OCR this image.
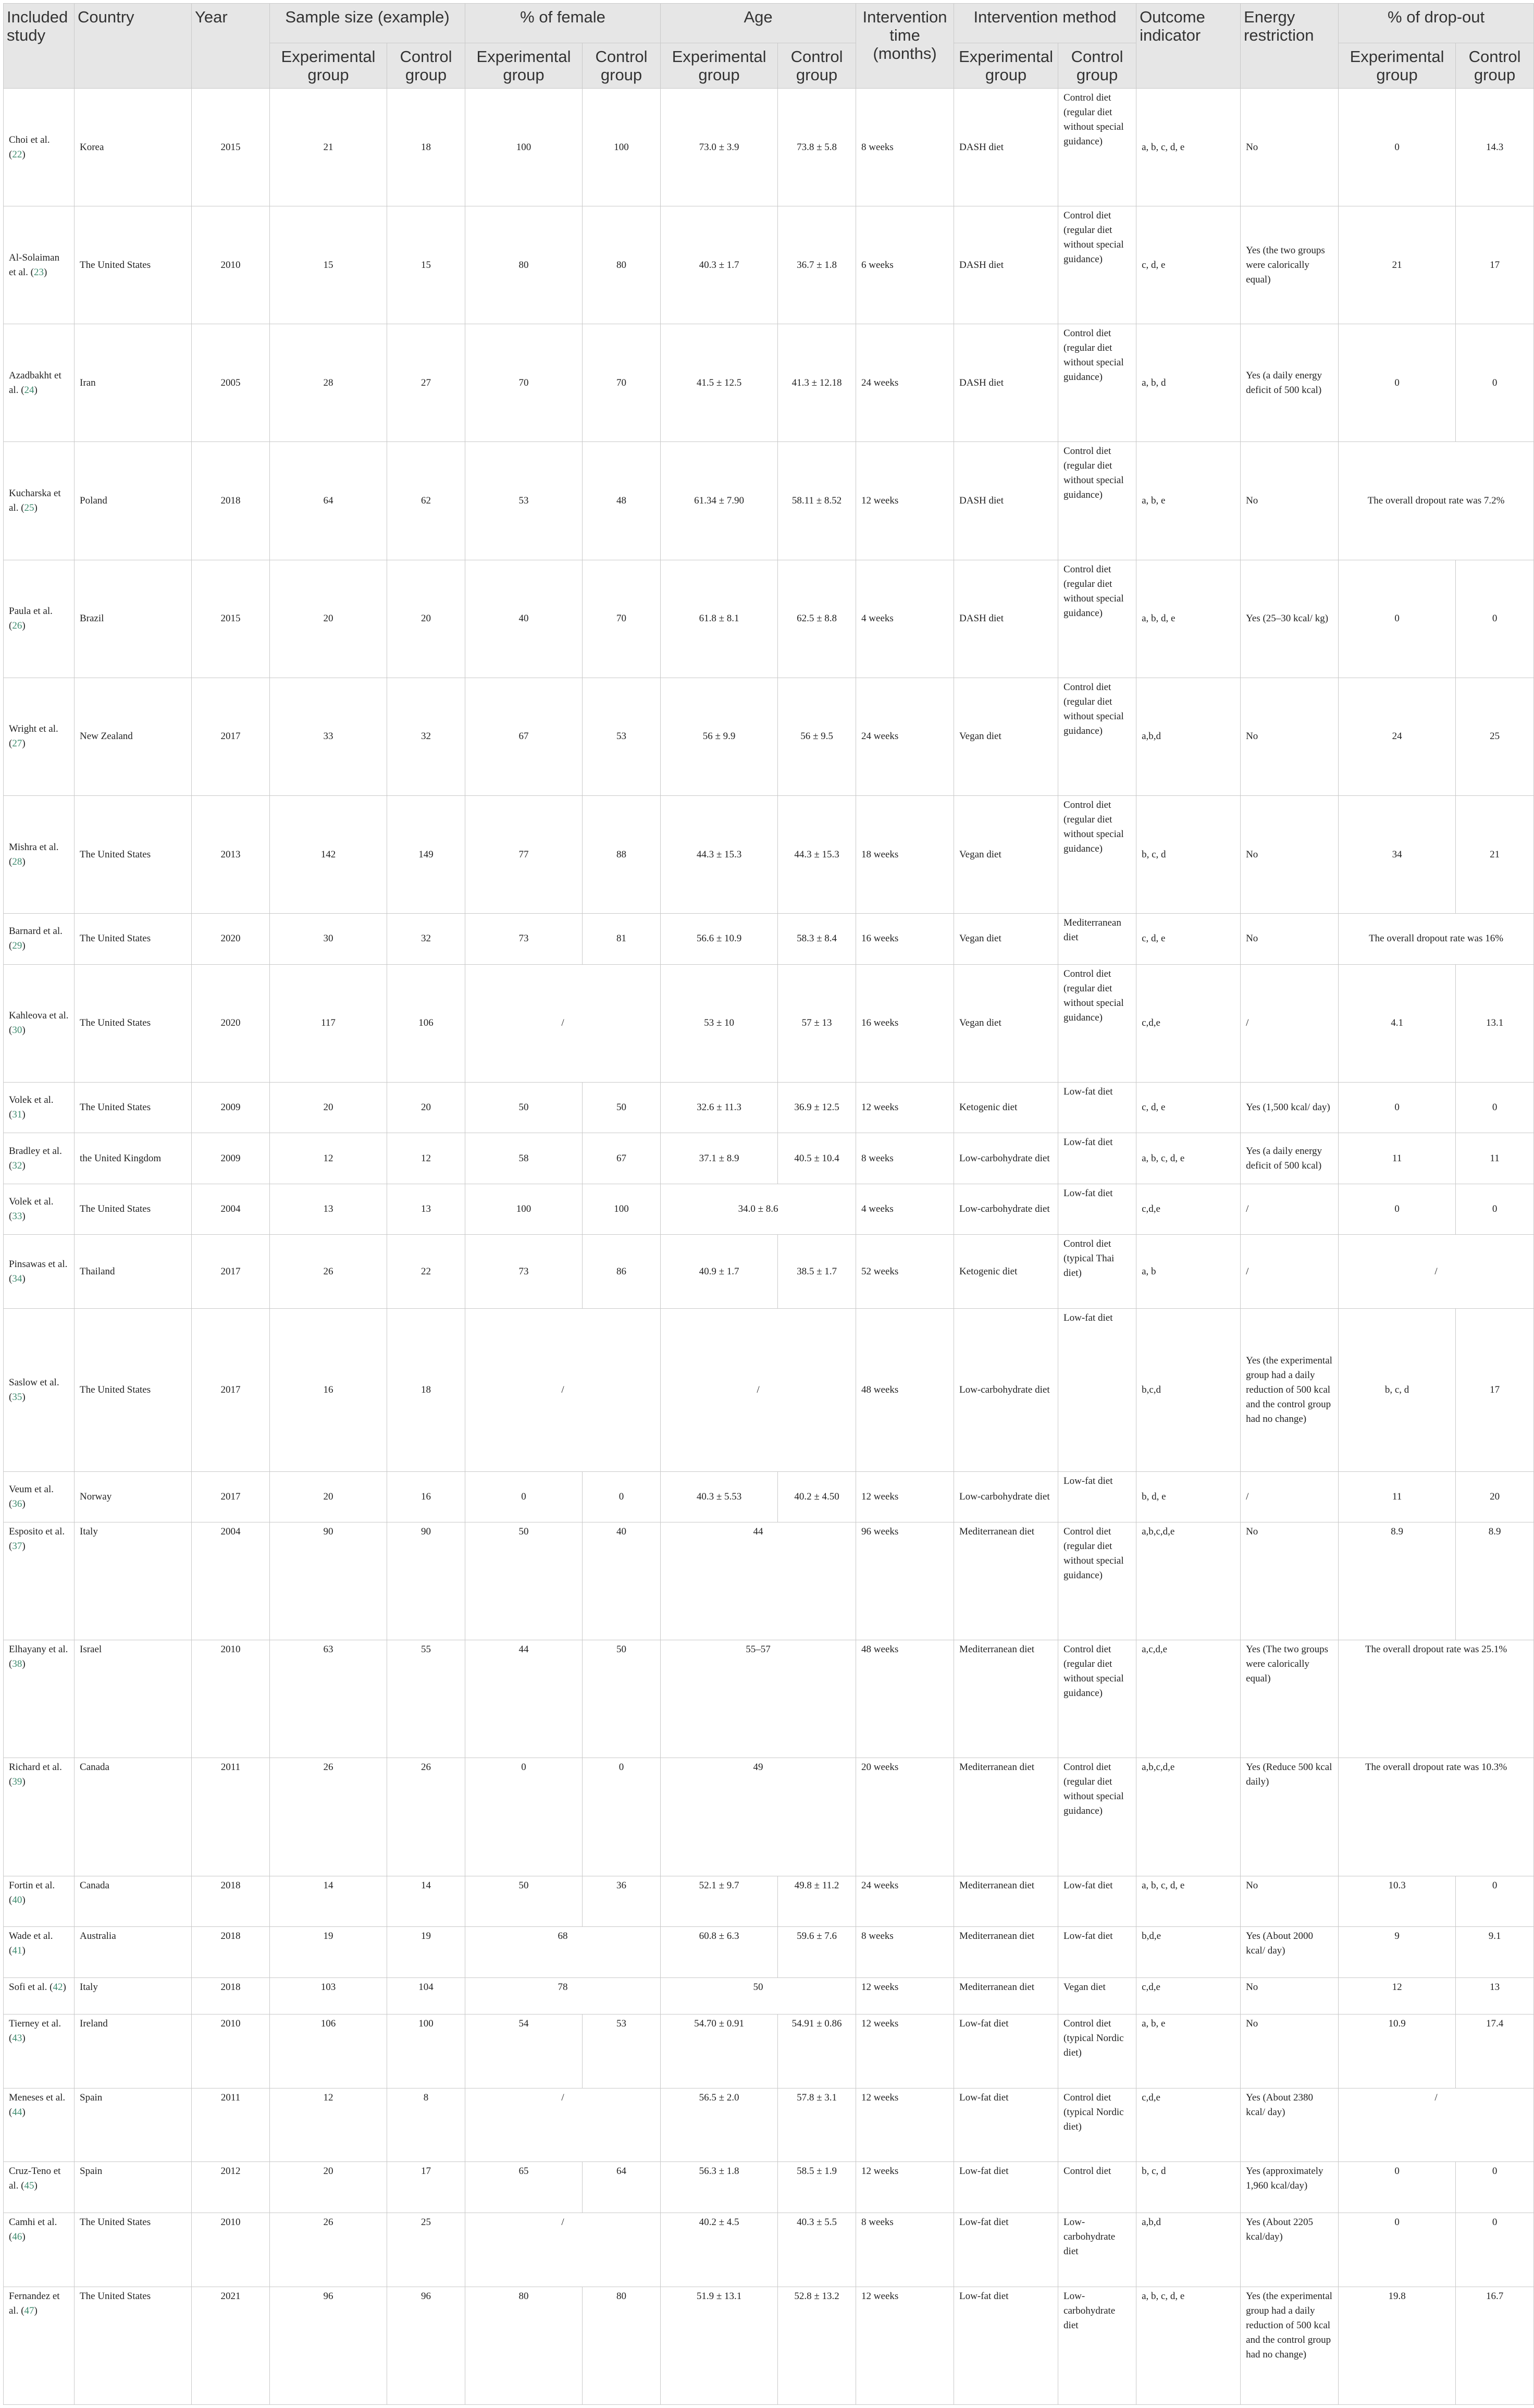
Included study	Country	Year	Sample size (example)		% of female		Age		Intervention time (months)	Intervention method		Outcome indicator	Energy restriction	% of drop-out	
			Experimental group	Control group	Experimental group	Control group	Experimental group	Control group		Experimental group	Control group			Experimental group	Control group
Choi et al. (22)	Korea	2015	21	18	100	100	73.0 ± 3.9	73.8 ± 5.8	8 weeks	DASH diet	Control diet (regular diet without special guidance)	a, b, c, d, e	No	0	14.3
Al-Solaiman et al. (23)	The United States	2010	15	15	80	80	40.3 ± 1.7	36.7 ± 1.8	6 weeks	DASH diet	Control diet (regular diet without special guidance)	c, d, e	Yes (the two groups were calorically equal)	21	17
Azadbakht et al. (24)	Iran	2005	28	27	70	70	41.5 ± 12.5	41.3 ± 12.18	24 weeks	DASH diet	Control diet (regular diet without special guidance)	a, b, d	Yes (a daily energy deficit of 500 kcal)	0	0
Kucharska et al. (25)	Poland	2018	64	62	53	48	61.34 ± 7.90	58.11 ± 8.52	12 weeks	DASH diet	Control diet (regular diet without special guidance)	a, b, e	No	The overall dropout rate was 7.2%	
Paula et al. (26)	Brazil	2015	20	20	40	70	61.8 ± 8.1	62.5 ± 8.8	4 weeks	DASH diet	Control diet (regular diet without special guidance)	a, b, d, e	Yes (25–30 kcal/ kg)	0	0
Wright et al. (27)	New Zealand	2017	33	32	67	53	56 ± 9.9	56 ± 9.5	24 weeks	Vegan diet	Control diet (regular diet without special guidance)	a,b,d	No	24	25
Mishra et al. (28)	The United States	2013	142	149	77	88	44.3 ± 15.3	44.3 ± 15.3	18 weeks	Vegan diet	Control diet (regular diet without special guidance)	b, c, d	No	34	21
Barnard et al. (29)	The United States	2020	30	32	73	81	56.6 ± 10.9	58.3 ± 8.4	16 weeks	Vegan diet	Mediterranean diet	c, d, e	No	The overall dropout rate was 16%	
Kahleova et al. (30)	The United States	2020	117	106	/		53 ± 10	57 ± 13	16 weeks	Vegan diet	Control diet (regular diet without special guidance)	c,d,e	/	4.1	13.1
Volek et al. (31)	The United States	2009	20	20	50	50	32.6 ± 11.3	36.9 ± 12.5	12 weeks	Ketogenic diet	Low-fat diet	c, d, e	Yes (1,500 kcal/ day)	0	0
Bradley et al. (32)	the United Kingdom	2009	12	12	58	67	37.1 ± 8.9	40.5 ± 10.4	8 weeks	Low-carbohydrate diet	Low-fat diet	a, b, c, d, e	Yes (a daily energy deficit of 500 kcal)	11	11
Volek et al. (33)	The United States	2004	13	13	100	100	34.0 ± 8.6		4 weeks	Low-carbohydrate diet	Low-fat diet	c,d,e	/	0	0
Pinsawas et al. (34)	Thailand	2017	26	22	73	86	40.9 ± 1.7	38.5 ± 1.7	52 weeks	Ketogenic diet	Control diet (typical Thai diet)	a, b	/	/	
Saslow et al. (35)	The United States	2017	16	18	/		/		48 weeks	Low-carbohydrate diet	Low-fat diet	b,c,d	Yes (the experimental group had a daily reduction of 500 kcal and the control group had no change)	b, c, d	17
Veum et al. (36)	Norway	2017	20	16	0	0	40.3 ± 5.53	40.2 ± 4.50	12 weeks	Low-carbohydrate diet	Low-fat diet	b, d, e	/	11	20
Esposito et al. (37)	Italy	2004	90	90	50	40	44		96 weeks	Mediterranean diet	Control diet (regular diet without special guidance)	a,b,c,d,e	No	8.9	8.9
Elhayany et al. (38)	Israel	2010	63	55	44	50	55–57		48 weeks	Mediterranean diet	Control diet (regular diet without special guidance)	a,c,d,e	Yes (The two groups were calorically equal)	The overall dropout rate was 25.1%	
Richard et al. (39)	Canada	2011	26	26	0	0	49		20 weeks	Mediterranean diet	Control diet (regular diet without special guidance)	a,b,c,d,e	Yes (Reduce 500 kcal daily)	The overall dropout rate was 10.3%	
Fortin et al. (40)	Canada	2018	14	14	50	36	52.1 ± 9.7	49.8 ± 11.2	24 weeks	Mediterranean diet	Low-fat diet	a, b, c, d, e	No	10.3	0
Wade et al. (41)	Australia	2018	19	19	68		60.8 ± 6.3	59.6 ± 7.6	8 weeks	Mediterranean diet	Low-fat diet	b,d,e	Yes (About 2000 kcal/ day)	9	9.1
Sofi et al. (42)	Italy	2018	103	104	78		50		12 weeks	Mediterranean diet	Vegan diet	c,d,e	No	12	13
Tierney et al. (43)	Ireland	2010	106	100	54	53	54.70 ± 0.91	54.91 ± 0.86	12 weeks	Low-fat diet	Control diet (typical Nordic diet)	a, b, e	No	10.9	17.4
Meneses et al. (44)	Spain	2011	12	8	/		56.5 ± 2.0	57.8 ± 3.1	12 weeks	Low-fat diet	Control diet (typical Nordic diet)	c,d,e	Yes (About 2380 kcal/ day)	/	
Cruz-Teno et al. (45)	Spain	2012	20	17	65	64	56.3 ± 1.8	58.5 ± 1.9	12 weeks	Low-fat diet	Control diet	b, c, d	Yes (approximately 1,960 kcal/day)	0	0
Camhi et al. (46)	The United States	2010	26	25	/		40.2 ± 4.5	40.3 ± 5.5	8 weeks	Low-fat diet	Low-carbohydrate diet	a,b,d	Yes (About 2205 kcal/day)	0	0
Fernandez et al. (47)	The United States	2021	96	96	80	80	51.9 ± 13.1	52.8 ± 13.2	12 weeks	Low-fat diet	Low-carbohydrate diet	a, b, c, d, e	Yes (the experimental group had a daily reduction of 500 kcal and the control group had no change)	19.8	16.7
